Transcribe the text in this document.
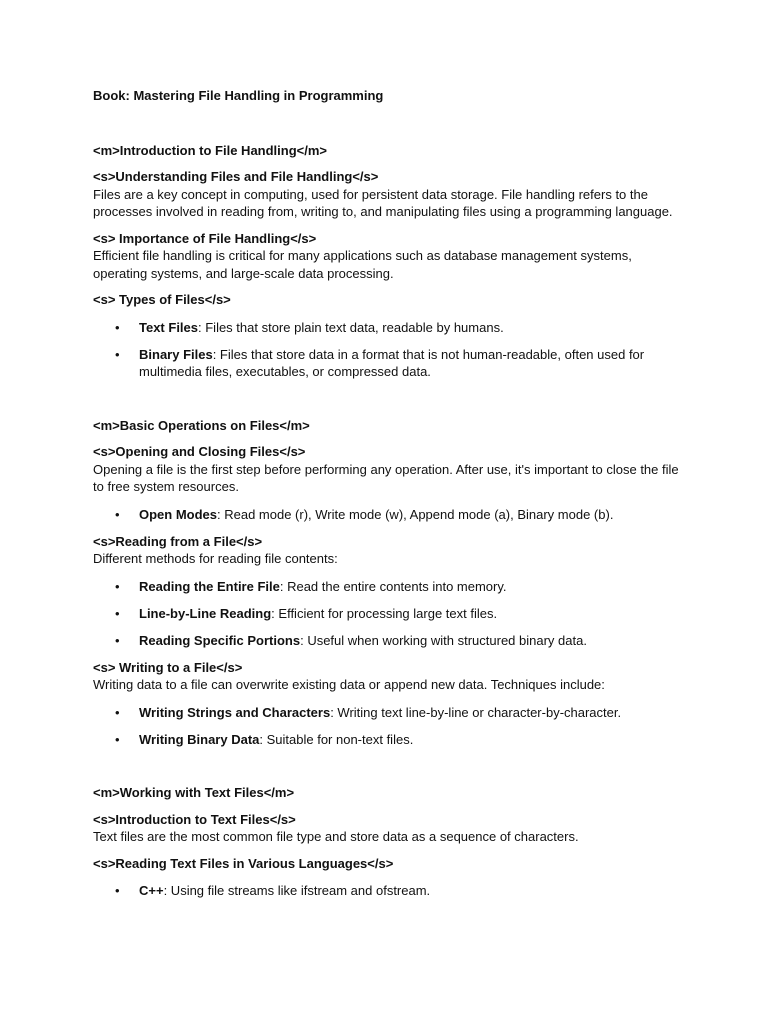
Book: Mastering File Handling in Programming

<m>Introduction to File Handling</m>

<s>Understanding Files and File Handling</s>

Files are a key concept in computing, used for persistent data storage. File handling refers to the processes involved in reading from, writing to, and manipulating files using a programming language.

<s> Importance of File Handling</s>

Efficient file handling is critical for many applications such as database management systems, operating systems, and large-scale data processing.

<s> Types of Files</s>

• Text Files: Files that store plain text data, readable by humans.
• Binary Files: Files that store data in a format that is not human-readable, often used for multimedia files, executables, or compressed data.

<m>Basic Operations on Files</m>

<s>Opening and Closing Files</s>

Opening a file is the first step before performing any operation. After use, it's important to close the file to free system resources.

• Open Modes: Read mode (r), Write mode (w), Append mode (a), Binary mode (b).

<s>Reading from a File</s>

Different methods for reading file contents:

• Reading the Entire File: Read the entire contents into memory.
• Line-by-Line Reading: Efficient for processing large text files.
• Reading Specific Portions: Useful when working with structured binary data.

<s> Writing to a File</s>

Writing data to a file can overwrite existing data or append new data. Techniques include:

• Writing Strings and Characters: Writing text line-by-line or character-by-character.
• Writing Binary Data: Suitable for non-text files.

<m>Working with Text Files</m>

<s>Introduction to Text Files</s>

Text files are the most common file type and store data as a sequence of characters.

<s>Reading Text Files in Various Languages</s>

• C++: Using file streams like ifstream and ofstream.
